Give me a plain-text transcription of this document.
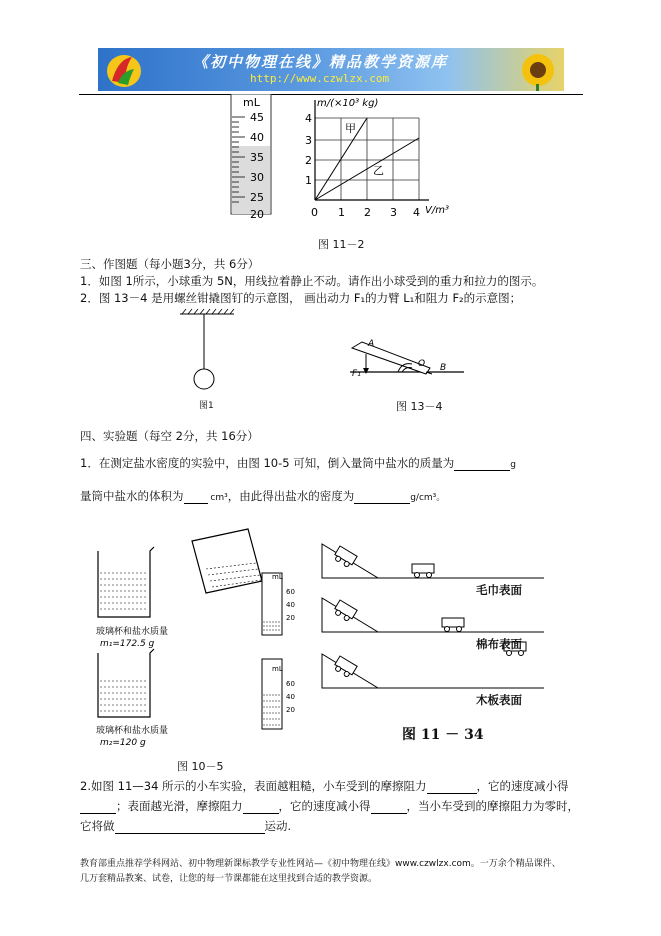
《初中物理在线》精品教学资源库
http://www.czwlzx.com
mL
45
40
35
30
25
20
m/(×10³ kg)
V/m³
4
3
2
1
0 1 2 3 4
甲
乙
图 11－2
三、作图题（每小题3分，共 6分）
1．如图 1所示，小球重为 5N，用线拉着静止不动。请作出小球受到的重力和拉力的图示。
2．图 13－4 是用螺丝钳撬图钉的示意图， 画出动力 F₁的力臂 L₁和阻力 F₂的示意图；
图1
A
F₁
O B
图 13－4
四、实验题（每空 2分，共 16分）
1．在测定盐水密度的实验中，由图 10-5 可知，倒入量筒中盐水的质量为	g
量筒中盐水的体积为	cm³，由此得出盐水的密度为	g/cm³。
玻璃杯和盐水质量
m₁=172.5 g
玻璃杯和盐水质量
m₂=120 g
mL
60
40
20
mL
60
40
20
图 10－5
毛巾表面
棉布表面
木板表面
图 11 － 34
2.如图 11—34 所示的小车实验，表面越粗糙，小车受到的摩擦阻力	，它的速度减小得
；表面越光滑，摩擦阻力	，它的速度减小得	，当小车受到的摩擦阻力为零时，
它将做	运动.
教育部重点推荐学科网站、初中物理新课标教学专业性网站—《初中物理在线》www.czwlzx.com。一万余个精品课件、
几万套精品教案、试卷，让您的每一节课都能在这里找到合适的教学资源。
